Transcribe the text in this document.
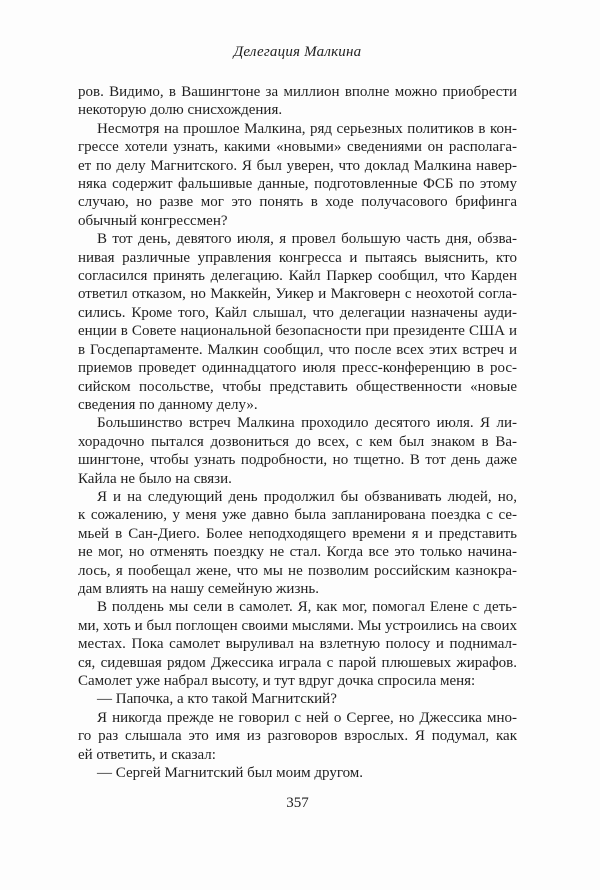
Делегация Малкина
ров. Видимо, в Вашингтоне за миллион вполне можно приобрести
некоторую долю снисхождения.
Несмотря на прошлое Малкина, ряд серьезных политиков в кон-
грессе хотели узнать, какими «новыми» сведениями он располага-
ет по делу Магнитского. Я был уверен, что доклад Малкина навер-
няка содержит фальшивые данные, подготовленные ФСБ по этому
случаю, но разве мог это понять в ходе получасового брифинга
обычный конгрессмен?
В тот день, девятого июля, я провел большую часть дня, обзва-
нивая различные управления конгресса и пытаясь выяснить, кто
согласился принять делегацию. Кайл Паркер сообщил, что Карден
ответил отказом, но Маккейн, Уикер и Макговерн с неохотой согла-
сились. Кроме того, Кайл слышал, что делегации назначены ауди-
енции в Совете национальной безопасности при президенте США и
в Госдепартаменте. Малкин сообщил, что после всех этих встреч и
приемов проведет одиннадцатого июля пресс-конференцию в рос-
сийском посольстве, чтобы представить общественности «новые
сведения по данному делу».
Большинство встреч Малкина проходило десятого июля. Я ли-
хорадочно пытался дозвониться до всех, с кем был знаком в Ва-
шингтоне, чтобы узнать подробности, но тщетно. В тот день даже
Кайла не было на связи.
Я и на следующий день продолжил бы обзванивать людей, но,
к сожалению, у меня уже давно была запланирована поездка с се-
мьей в Сан-Диего. Более неподходящего времени я и представить
не мог, но отменять поездку не стал. Когда все это только начина-
лось, я пообещал жене, что мы не позволим российским казнокра-
дам влиять на нашу семейную жизнь.
В полдень мы сели в самолет. Я, как мог, помогал Елене с деть-
ми, хоть и был поглощен своими мыслями. Мы устроились на своих
местах. Пока самолет выруливал на взлетную полосу и поднимал-
ся, сидевшая рядом Джессика играла с парой плюшевых жирафов.
Самолет уже набрал высоту, и тут вдруг дочка спросила меня:
— Папочка, а кто такой Магнитский?
Я никогда прежде не говорил с ней о Сергее, но Джессика мно-
го раз слышала это имя из разговоров взрослых. Я подумал, как
ей ответить, и сказал:
— Сергей Магнитский был моим другом.
357
